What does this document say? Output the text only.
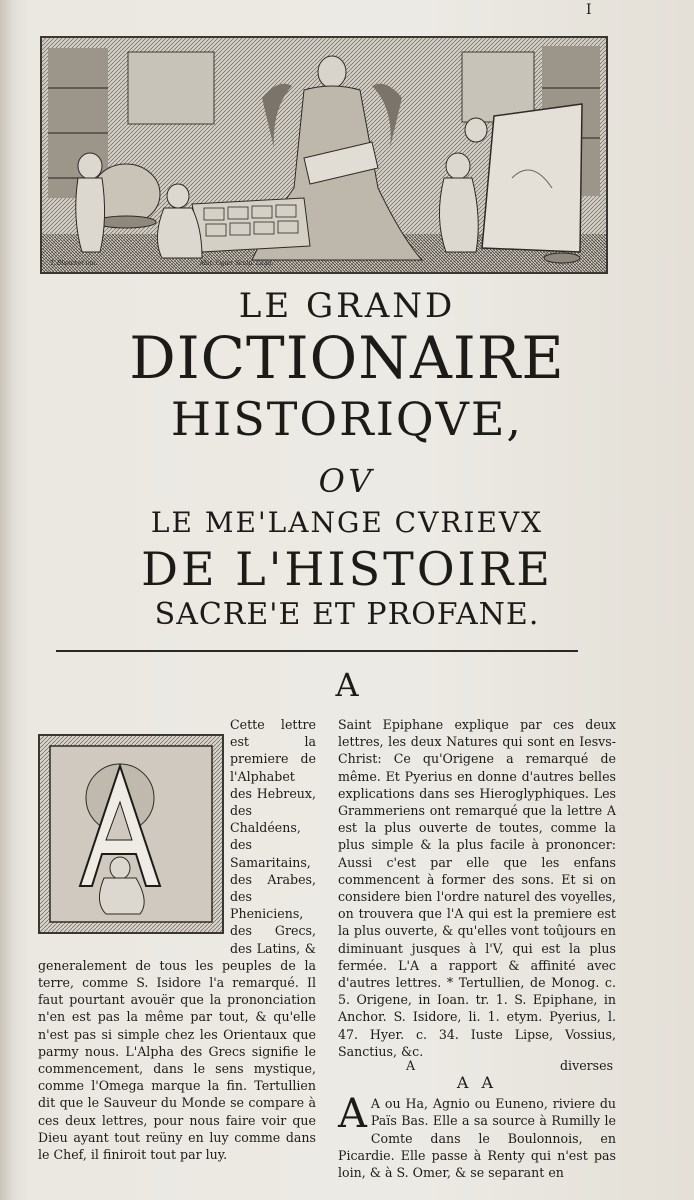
I
T. Blanchet inu.	Mat. Ogier Sculp. Lugd.
LE GRAND
DICTIONAIRE
HISTORIQVE,
OV
LE ME'LANGE CVRIEVX
DE L'HISTOIRE
SACRE'E ET PROFANE.
A

Cette lettre est la premiere de l'Alphabet des Hebreux, des Chaldéens, des Samaritains, des Arabes, des Pheniciens, des Grecs, des Latins, & generalement de tous les peuples de la terre, comme S. Isidore l'a remarqué. Il faut pourtant avouër que la prononciation n'en est pas la même par tout, & qu'elle n'est pas si simple chez les Orientaux que parmy nous. L'Alpha des Grecs signifie le commencement, dans le sens mystique, comme l'Omega marque la fin. Tertullien dit que le Sauveur du Monde se compare à ces deux lettres, pour nous faire voir que Dieu ayant tout reüny en luy comme dans le Chef, il finiroit tout par luy.

Saint Epiphane explique par ces deux lettres, les deux Natures qui sont en Iesvs-Christ: Ce qu'Origene a remarqué de même. Et Pyerius en donne d'autres belles explications dans ses Hieroglyphiques. Les Grammeriens ont remarqué que la lettre A est la plus ouverte de toutes, comme la plus simple & la plus facile à prononcer: Aussi c'est par elle que les enfans commencent à former des sons. Et si on considere bien l'ordre naturel des voyelles, on trouvera que l'A qui est la premiere est la plus ouverte, & qu'elles vont toûjours en diminuant jusques à l'V, qui est la plus fermée. L'A a rapport & affinité avec d'autres lettres. * Tertullien, de Monog. c. 5. Origene, in Ioan. tr. 1. S. Epiphane, in Anchor. S. Isidore, li. 1. etym. Pyerius, l. 47. Hyer. c. 34. Iuste Lipse, Vossius, Sanctius, &c.

A A

A A ou Ha, Agnio ou Euneno, riviere du Païs Bas. Elle a sa source à Rumilly le Comte dans le Boulonnois, en Picardie. Elle passe à Renty qui n'est pas loin, & à S. Omer, & se separant en

A	diverses
